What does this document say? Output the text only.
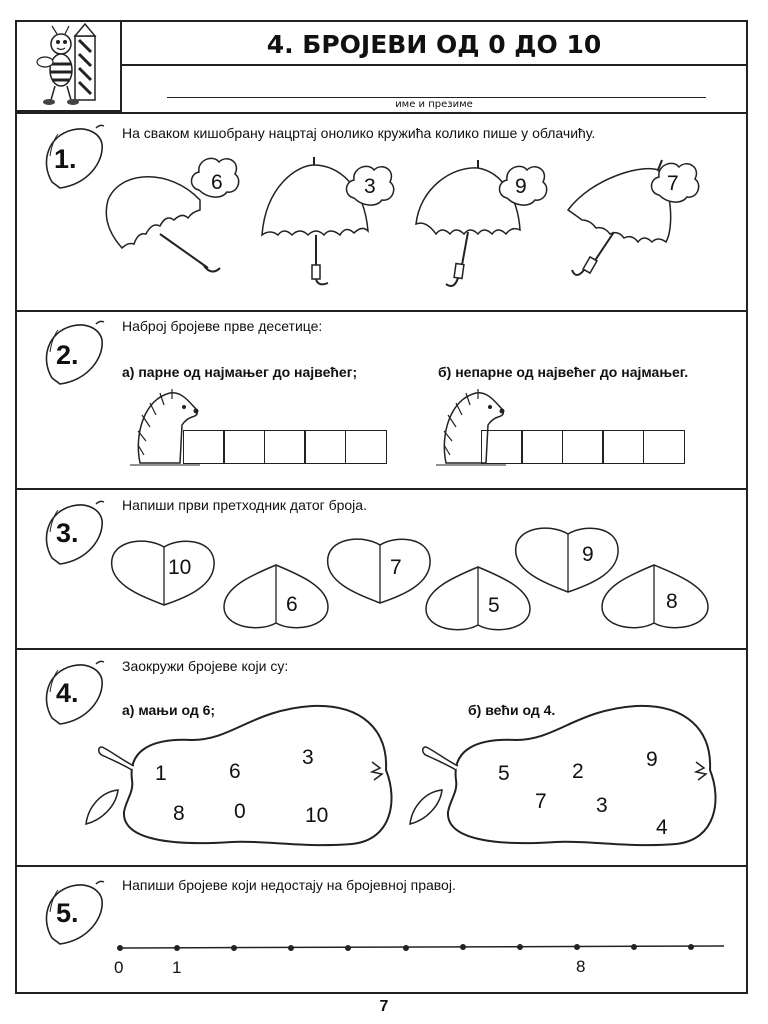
4. БРОЈЕВИ ОД 0 ДО 10
име и презиме
1.
На сваком кишобрану нацртај онолико кружића колико пише у облачићу.
6	3	9	7
2.
Наброј бројеве прве десетице:
а) парне од најмањег до највећег;	б) непарне од највећег до најмањег.
3.
Напиши први претходник датог броја.
10
6
7
5
9
8
4.
Заокружи бројеве који су:
а) мањи од 6;	б) већи од 4.
1	6
3
8 0	10
5	2
9
7 3
4
5.
Напиши бројеве који недостају на бројевној правој.
0	1	8
7
